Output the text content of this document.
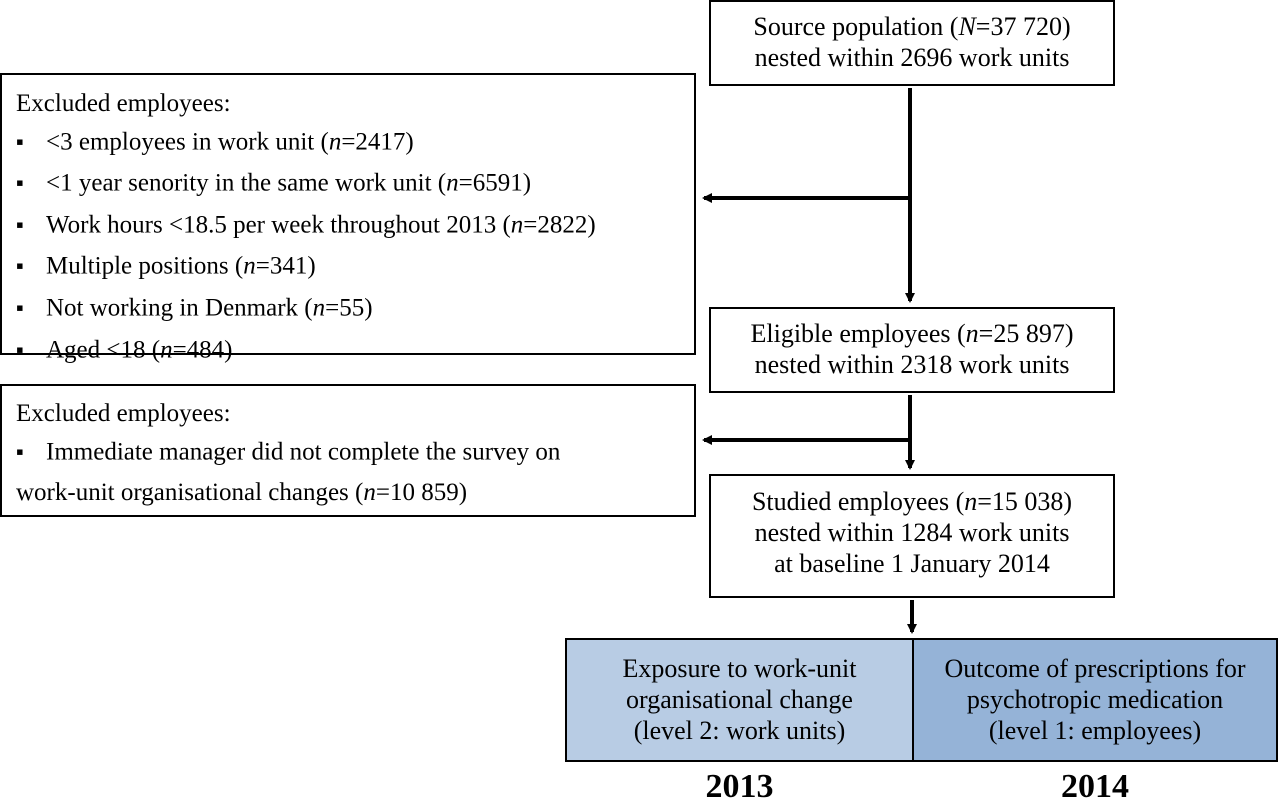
Source population (N=37 720)
nested within 2696 work units
Excluded employees:
▪<3 employees in work unit (n=2417)
▪<1 year senority in the same work unit (n=6591)
▪Work hours <18.5 per week throughout 2013 (n=2822)
▪Multiple positions (n=341)
▪Not working in Denmark (n=55)
▪Aged <18 (n=484)
Eligible employees (n=25 897)
nested within 2318 work units
Excluded employees:
▪Immediate manager did not complete the survey on
work-unit organisational changes (n=10 859)	Studied employees (n=15 038)
nested within 1284 work units
at baseline 1 January 2014
Exposure to work-unit
organisational change
(level 2: work units)
Outcome of prescriptions for
psychotropic medication
(level 1: employees)
2013	2014
